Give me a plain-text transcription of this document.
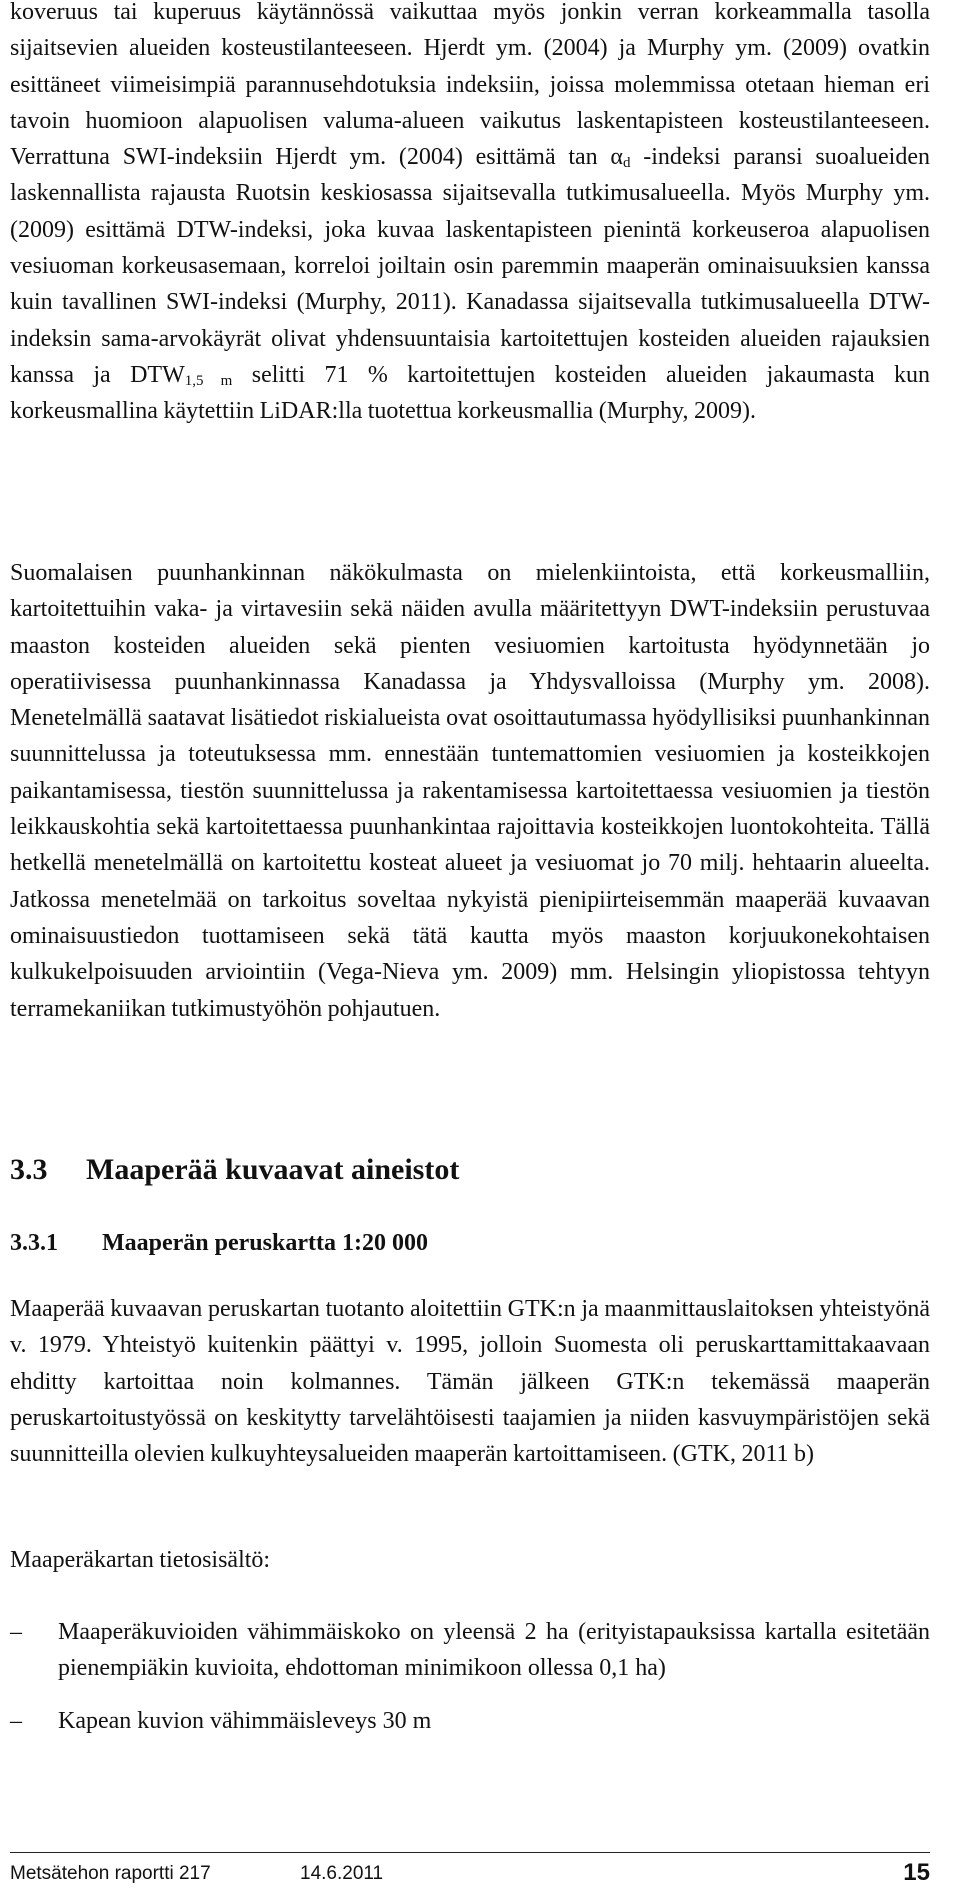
koveruus tai kuperuus käytännössä vaikuttaa myös jonkin verran korkeammalla tasolla sijaitsevien alueiden kosteustilanteeseen. Hjerdt ym. (2004) ja Murphy ym. (2009) ovatkin esittäneet viimeisimpiä parannusehdotuksia indeksiin, joissa molemmissa otetaan hieman eri tavoin huomioon alapuolisen valuma-alueen vaikutus laskentapisteen kosteustilanteeseen. Verrattuna SWI-indeksiin Hjerdt ym. (2004) esittämä $\tan \alpha_d$ -indeksi paransi suoalueiden laskennallista rajausta Ruotsin keskiosassa sijaitsevalla tutkimusalueella. Myös Murphy ym. (2009) esittämä DTW-indeksi, joka kuvaa laskentapisteen pienintä korkeuseroa alapuolisen vesiuoman korkeusasemaan, korreloi joiltain osin paremmin maaperän ominaisuuksien kanssa kuin tavallinen SWI-indeksi (Murphy, 2011). Kanadassa sijaitsevalla tutkimusalueella DTW-indeksin sama-arvokäyrät olivat yhdensuuntaisia kartoitettujen kosteiden alueiden rajauksien kanssa ja $DTW_{1,5 m}$ selitti 71 % kartoitettujen kosteiden alueiden jakaumasta kun korkeusmallina käytettiin LiDAR:lla tuotettua korkeusmallia (Murphy, 2009).

Suomalaisen puunhankinnan näkökulmasta on mielenkiintoista, että korkeusmalliin, kartoitettuihin vaka- ja virtavesiin sekä näiden avulla määritettyyn DWT-indeksiin perustuvaa maaston kosteiden alueiden sekä pienten vesiuomien kartoitusta hyödynnetään jo operatiivisessa puunhankinnassa Kanadassa ja Yhdysvalloissa (Murphy ym. 2008). Menetelmällä saatavat lisätiedot riskialueista ovat osoittautumassa hyödyllisiksi puunhankinnan suunnittelussa ja toteutuksessa mm. ennestään tuntemattomien vesiuomien ja kosteikkojen paikantamisessa, tiestön suunnittelussa ja rakentamisessa kartoitettaessa vesiuomien ja tiestön leikkauskohtia sekä kartoitettaessa puunhankintaa rajoittavia kosteikkojen luontokohteita. Tällä hetkellä menetelmällä on kartoitettu kosteat alueet ja vesiuomat jo 70 milj. hehtaarin alueelta. Jatkossa menetelmää on tarkoitus soveltaa nykyistä pienipiirteisemmän maaperää kuvaavan ominaisuustiedon tuottamiseen sekä tätä kautta myös maaston korjuukonekohtaisen kulkukelpoisuuden arviointiin (Vega-Nieva ym. 2009) mm. Helsingin yliopistossa tehtyyn terramekaniikan tutkimustyöhön pohjautuen.

3.3 Maaperää kuvaavat aineistot
3.3.1 Maaperän peruskartta 1:20 000

Maaperää kuvaavan peruskartan tuotanto aloitettiin GTK:n ja maanmittauslaitoksen yhteistyönä v. 1979. Yhteistyö kuitenkin päättyi v. 1995, jolloin Suomesta oli peruskarttamittakaavaan ehditty kartoittaa noin kolmannes. Tämän jälkeen GTK:n tekemässä maaperän peruskartoitustyössä on keskitytty tarvelähtöisesti taajamien ja niiden kasvuympäristöjen sekä suunnitteilla olevien kulkuyhteysalueiden maaperän kartoittamiseen. (GTK, 2011 b)

Maaperäkartan tietosisältö:

– Maaperäkuvioiden vähimmäiskoko on yleensä 2 ha (erityistapauksissa kartalla esitetään pienempiäkin kuvioita, ehdottoman minimikoon ollessa 0,1 ha)
– Kapean kuvion vähimmäisleveys 30 m
Metsätehon raportti 217	14.6.2011	15
